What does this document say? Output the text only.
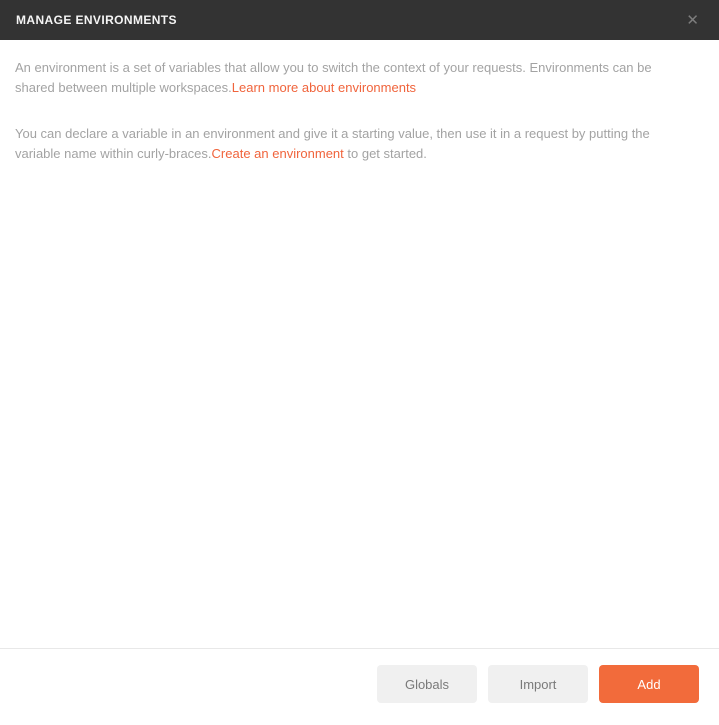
MANAGE ENVIRONMENTS	✕

An environment is a set of variables that allow you to switch the context of your requests. Environments can be shared between multiple workspaces.Learn more about environments

You can declare a variable in an environment and give it a starting value, then use it in a request by putting the variable name within curly-braces.Create an environment to get started.

Globals	Import	Add
